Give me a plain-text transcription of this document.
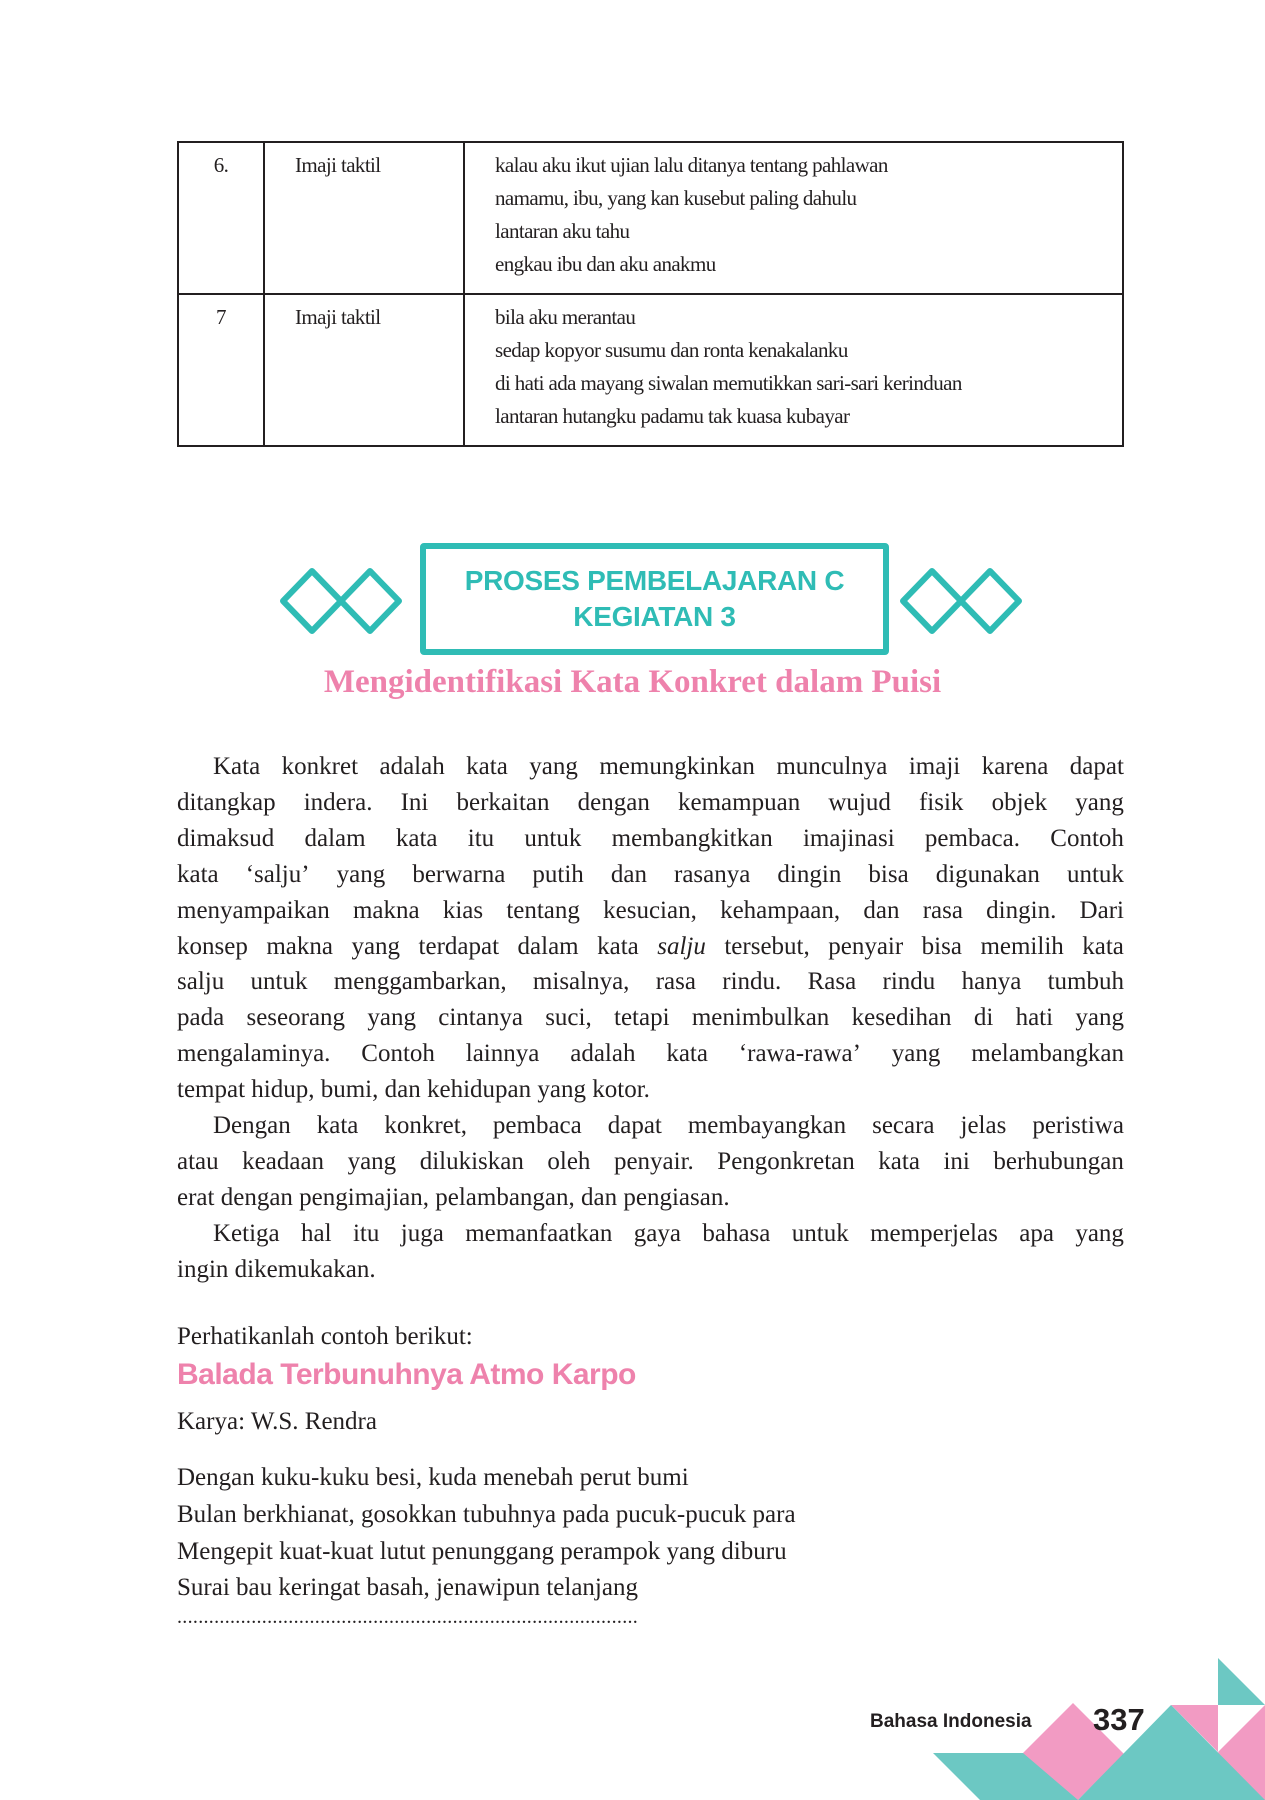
6.	Imaji taktil	kalau aku ikut ujian lalu ditanya tentang pahlawan
namamu, ibu, yang kan kusebut paling dahulu
lantaran aku tahu
engkau ibu dan aku anakmu

7	Imaji taktil	bila aku merantau
sedap kopyor susumu dan ronta kenakalanku
di hati ada mayang siwalan memutikkan sari-sari kerinduan
lantaran hutangku padamu tak kuasa kubayar
PROSES PEMBELAJARAN C
KEGIATAN 3
Mengidentifikasi Kata Konkret dalam Puisi
Kata konkret adalah kata yang memungkinkan munculnya imaji karena dapat
ditangkap indera. Ini berkaitan dengan kemampuan wujud fisik objek yang
dimaksud dalam kata itu untuk membangkitkan imajinasi pembaca. Contoh
kata ‘salju’ yang berwarna putih dan rasanya dingin bisa digunakan untuk
menyampaikan makna kias tentang kesucian, kehampaan, dan rasa dingin. Dari
konsep makna yang terdapat dalam kata salju tersebut, penyair bisa memilih kata
salju untuk menggambarkan, misalnya, rasa rindu. Rasa rindu hanya tumbuh
pada seseorang yang cintanya suci, tetapi menimbulkan kesedihan di hati yang
mengalaminya. Contoh lainnya adalah kata ‘rawa-rawa’ yang melambangkan
tempat hidup, bumi, dan kehidupan yang kotor.
Dengan kata konkret, pembaca dapat membayangkan secara jelas peristiwa
atau keadaan yang dilukiskan oleh penyair. Pengonkretan kata ini berhubungan
erat dengan pengimajian, pelambangan, dan pengiasan.
Ketiga hal itu juga memanfaatkan gaya bahasa untuk memperjelas apa yang
ingin dikemukakan.
Perhatikanlah contoh berikut:
Balada Terbunuhnya Atmo Karpo
Karya: W.S. Rendra
Dengan kuku-kuku besi, kuda menebah perut bumi
Bulan berkhianat, gosokkan tubuhnya pada pucuk-pucuk para
Mengepit kuat-kuat lutut penunggang perampok yang diburu
Surai bau keringat basah, jenawipun telanjang
.......................................................................................
Bahasa Indonesia 337
